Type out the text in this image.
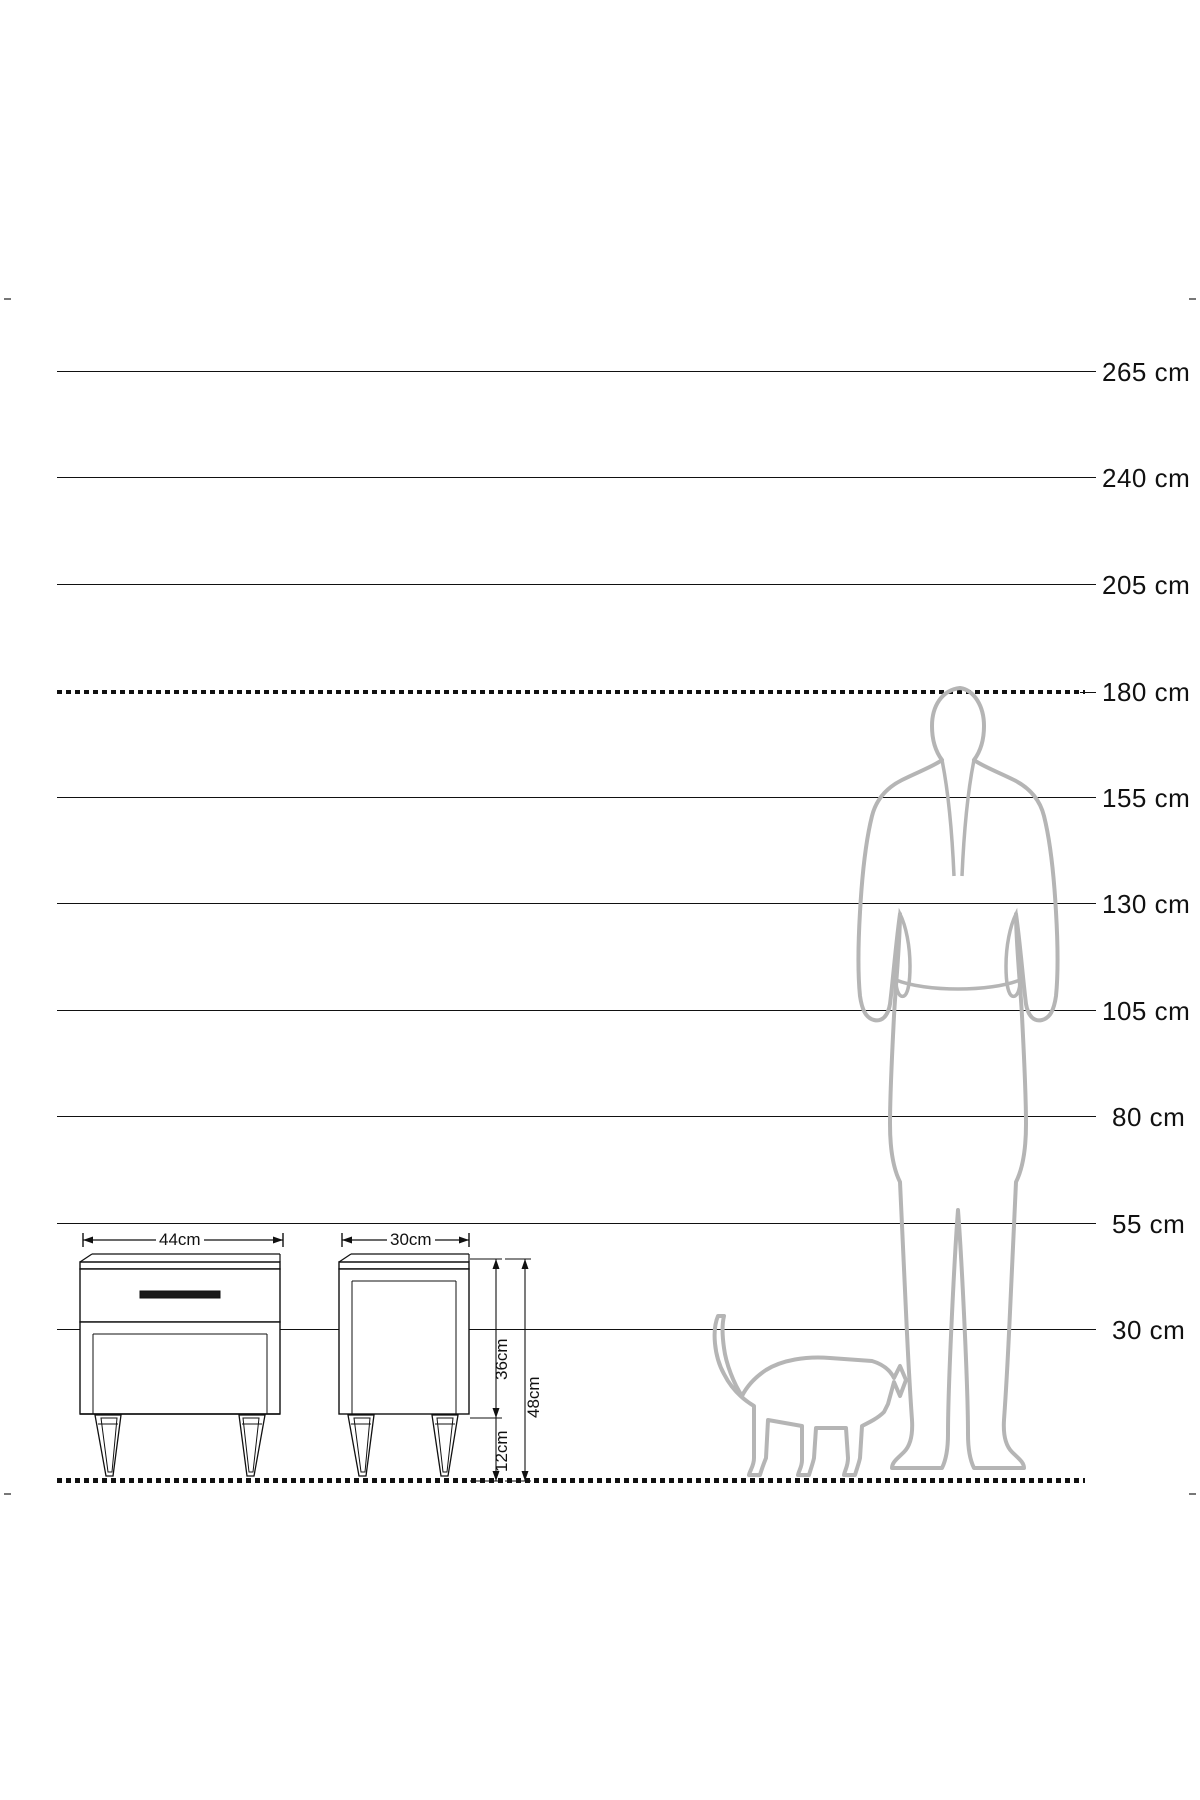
265 cm
240 cm
205 cm
180 cm
155 cm
130 cm
105 cm
80 cm
55 cm
30 cm
44cm	30cm
36cm
12cm
48cm
